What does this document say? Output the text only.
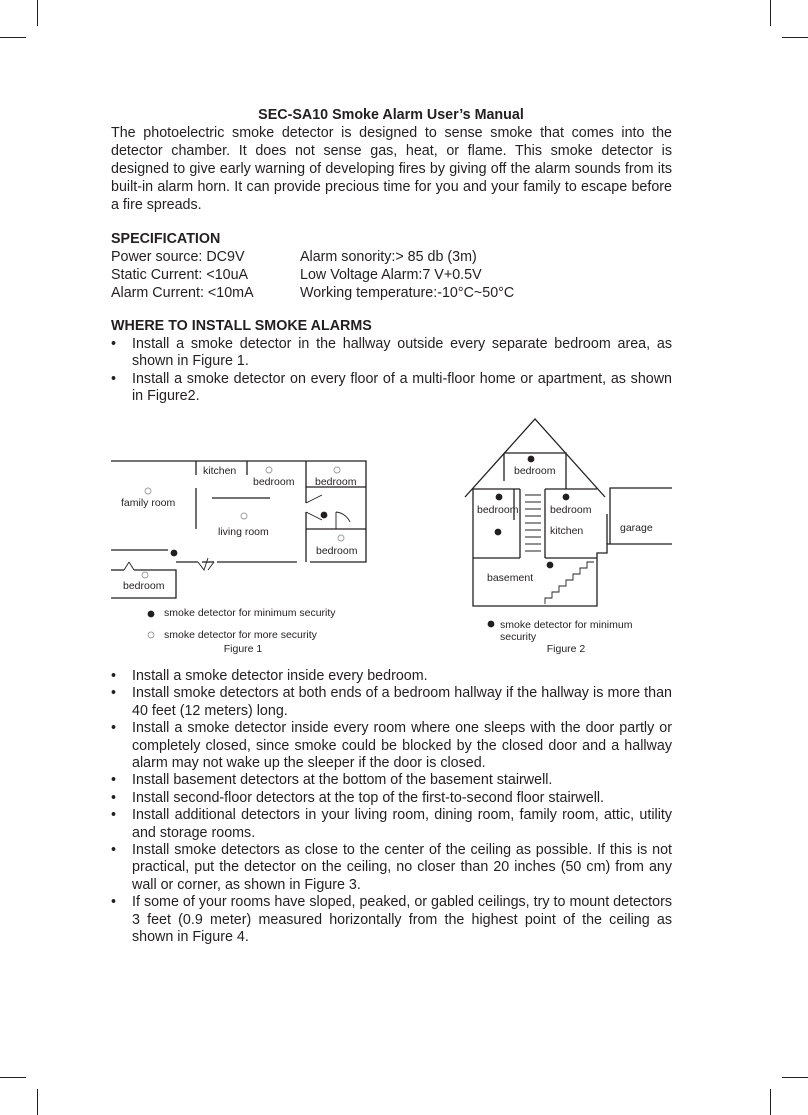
SEC-SA10 Smoke Alarm User’s Manual

The photoelectric smoke detector is designed to sense smoke that comes into the detector chamber. It does not sense gas, heat, or flame. This smoke detector is designed to give early warning of developing fires by giving off the alarm sounds from its built-in alarm horn. It can provide precious time for you and your family to escape before a fire spreads.

SPECIFICATION
Power source: DC9V	Alarm sonority:> 85 db (3m)
Static Current: <10uA	Low Voltage Alarm:7 V+0.5V
Alarm Current: <10mA	Working temperature:-10°C~50°C
WHERE TO INSTALL SMOKE ALARMS
• Install a smoke detector in the hallway outside every separate bedroom area, as shown in Figure 1.
• Install a smoke detector on every floor of a multi-floor home or apartment, as shown in Figure2.
kitchen
bedroom bedroom
family room
living room
bedroom
bedroom
smoke detector for minimum security
smoke detector for more security
Figure 1
bedroom
bedroom	bedroom
kitchen	garage
basement
smoke detector for minimum
security
Figure 2
• Install a smoke detector inside every bedroom.
• Install smoke detectors at both ends of a bedroom hallway if the hallway is more than 40 feet (12 meters) long.
• Install a smoke detector inside every room where one sleeps with the door partly or completely closed, since smoke could be blocked by the closed door and a hallway alarm may not wake up the sleeper if the door is closed.
• Install basement detectors at the bottom of the basement stairwell.
• Install second-floor detectors at the top of the first-to-second floor stairwell.
• Install additional detectors in your living room, dining room, family room, attic, utility and storage rooms.
• Install smoke detectors as close to the center of the ceiling as possible. If this is not practical, put the detector on the ceiling, no closer than 20 inches (50 cm) from any wall or corner, as shown in Figure 3.
• If some of your rooms have sloped, peaked, or gabled ceilings, try to mount detectors 3 feet (0.9 meter) measured horizontally from the highest point of the ceiling as shown in Figure 4.
